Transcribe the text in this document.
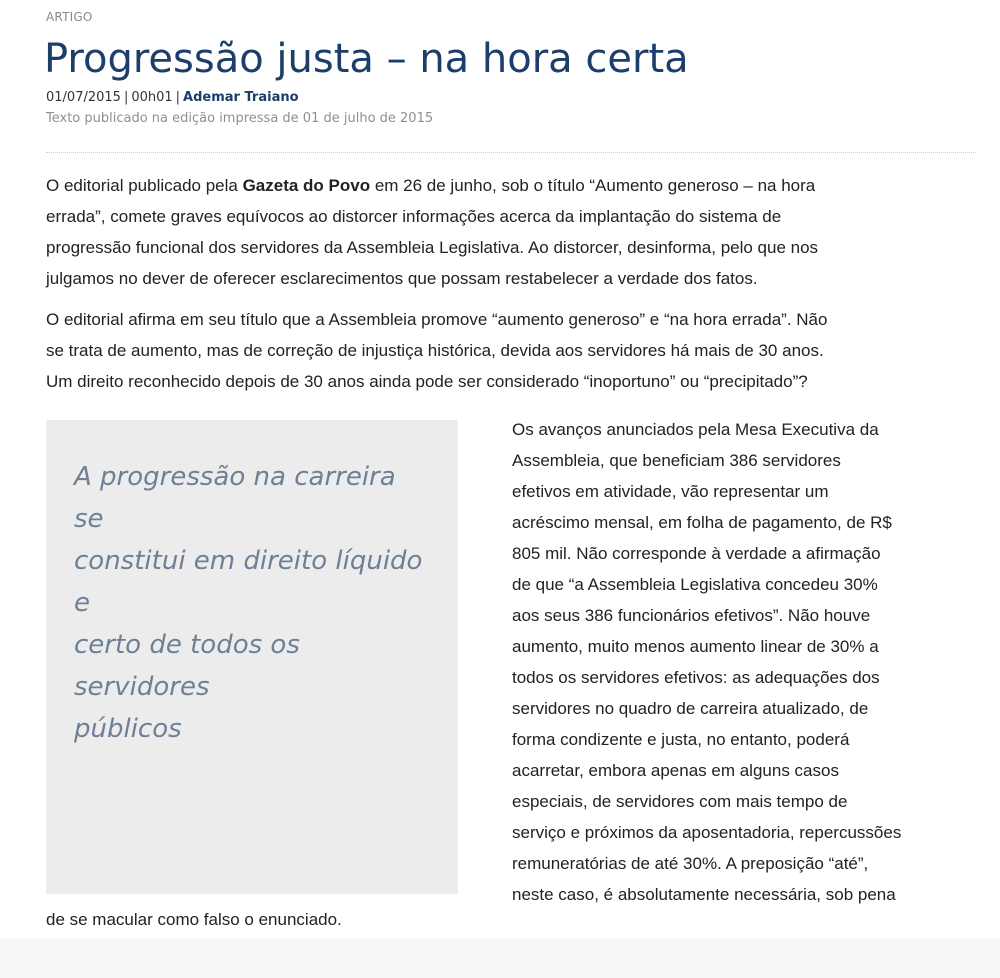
ARTIGO
Progressão justa – na hora certa
01/07/2015 | 00h01 | Ademar Traiano
Texto publicado na edição impressa de 01 de julho de 2015

O editorial publicado pela Gazeta do Povo em 26 de junho, sob o título “Aumento generoso – na hora
errada”, comete graves equívocos ao distorcer informações acerca da implantação do sistema de
progressão funcional dos servidores da Assembleia Legislativa. Ao distorcer, desinforma, pelo que nos
julgamos no dever de oferecer esclarecimentos que possam restabelecer a verdade dos fatos.

O editorial afirma em seu título que a Assembleia promove “aumento generoso” e “na hora errada”. Não
se trata de aumento, mas de correção de injustiça histórica, devida aos servidores há mais de 30 anos.
Um direito reconhecido depois de 30 anos ainda pode ser considerado “inoportuno” ou “precipitado”?

A progressão na carreira se
constitui em direito líquido e
certo de todos os servidores
públicos
Os avanços anunciados pela Mesa Executiva da
Assembleia, que beneficiam 386 servidores
efetivos em atividade, vão representar um
acréscimo mensal, em folha de pagamento, de R$
805 mil. Não corresponde à verdade a afirmação
de que “a Assembleia Legislativa concedeu 30%
aos seus 386 funcionários efetivos”. Não houve
aumento, muito menos aumento linear de 30% a
todos os servidores efetivos: as adequações dos
servidores no quadro de carreira atualizado, de
forma condizente e justa, no entanto, poderá
acarretar, embora apenas em alguns casos
especiais, de servidores com mais tempo de
serviço e próximos da aposentadoria, repercussões
remuneratórias de até 30%. A preposição “até”,
neste caso, é absolutamente necessária, sob pena
de se macular como falso o enunciado.
